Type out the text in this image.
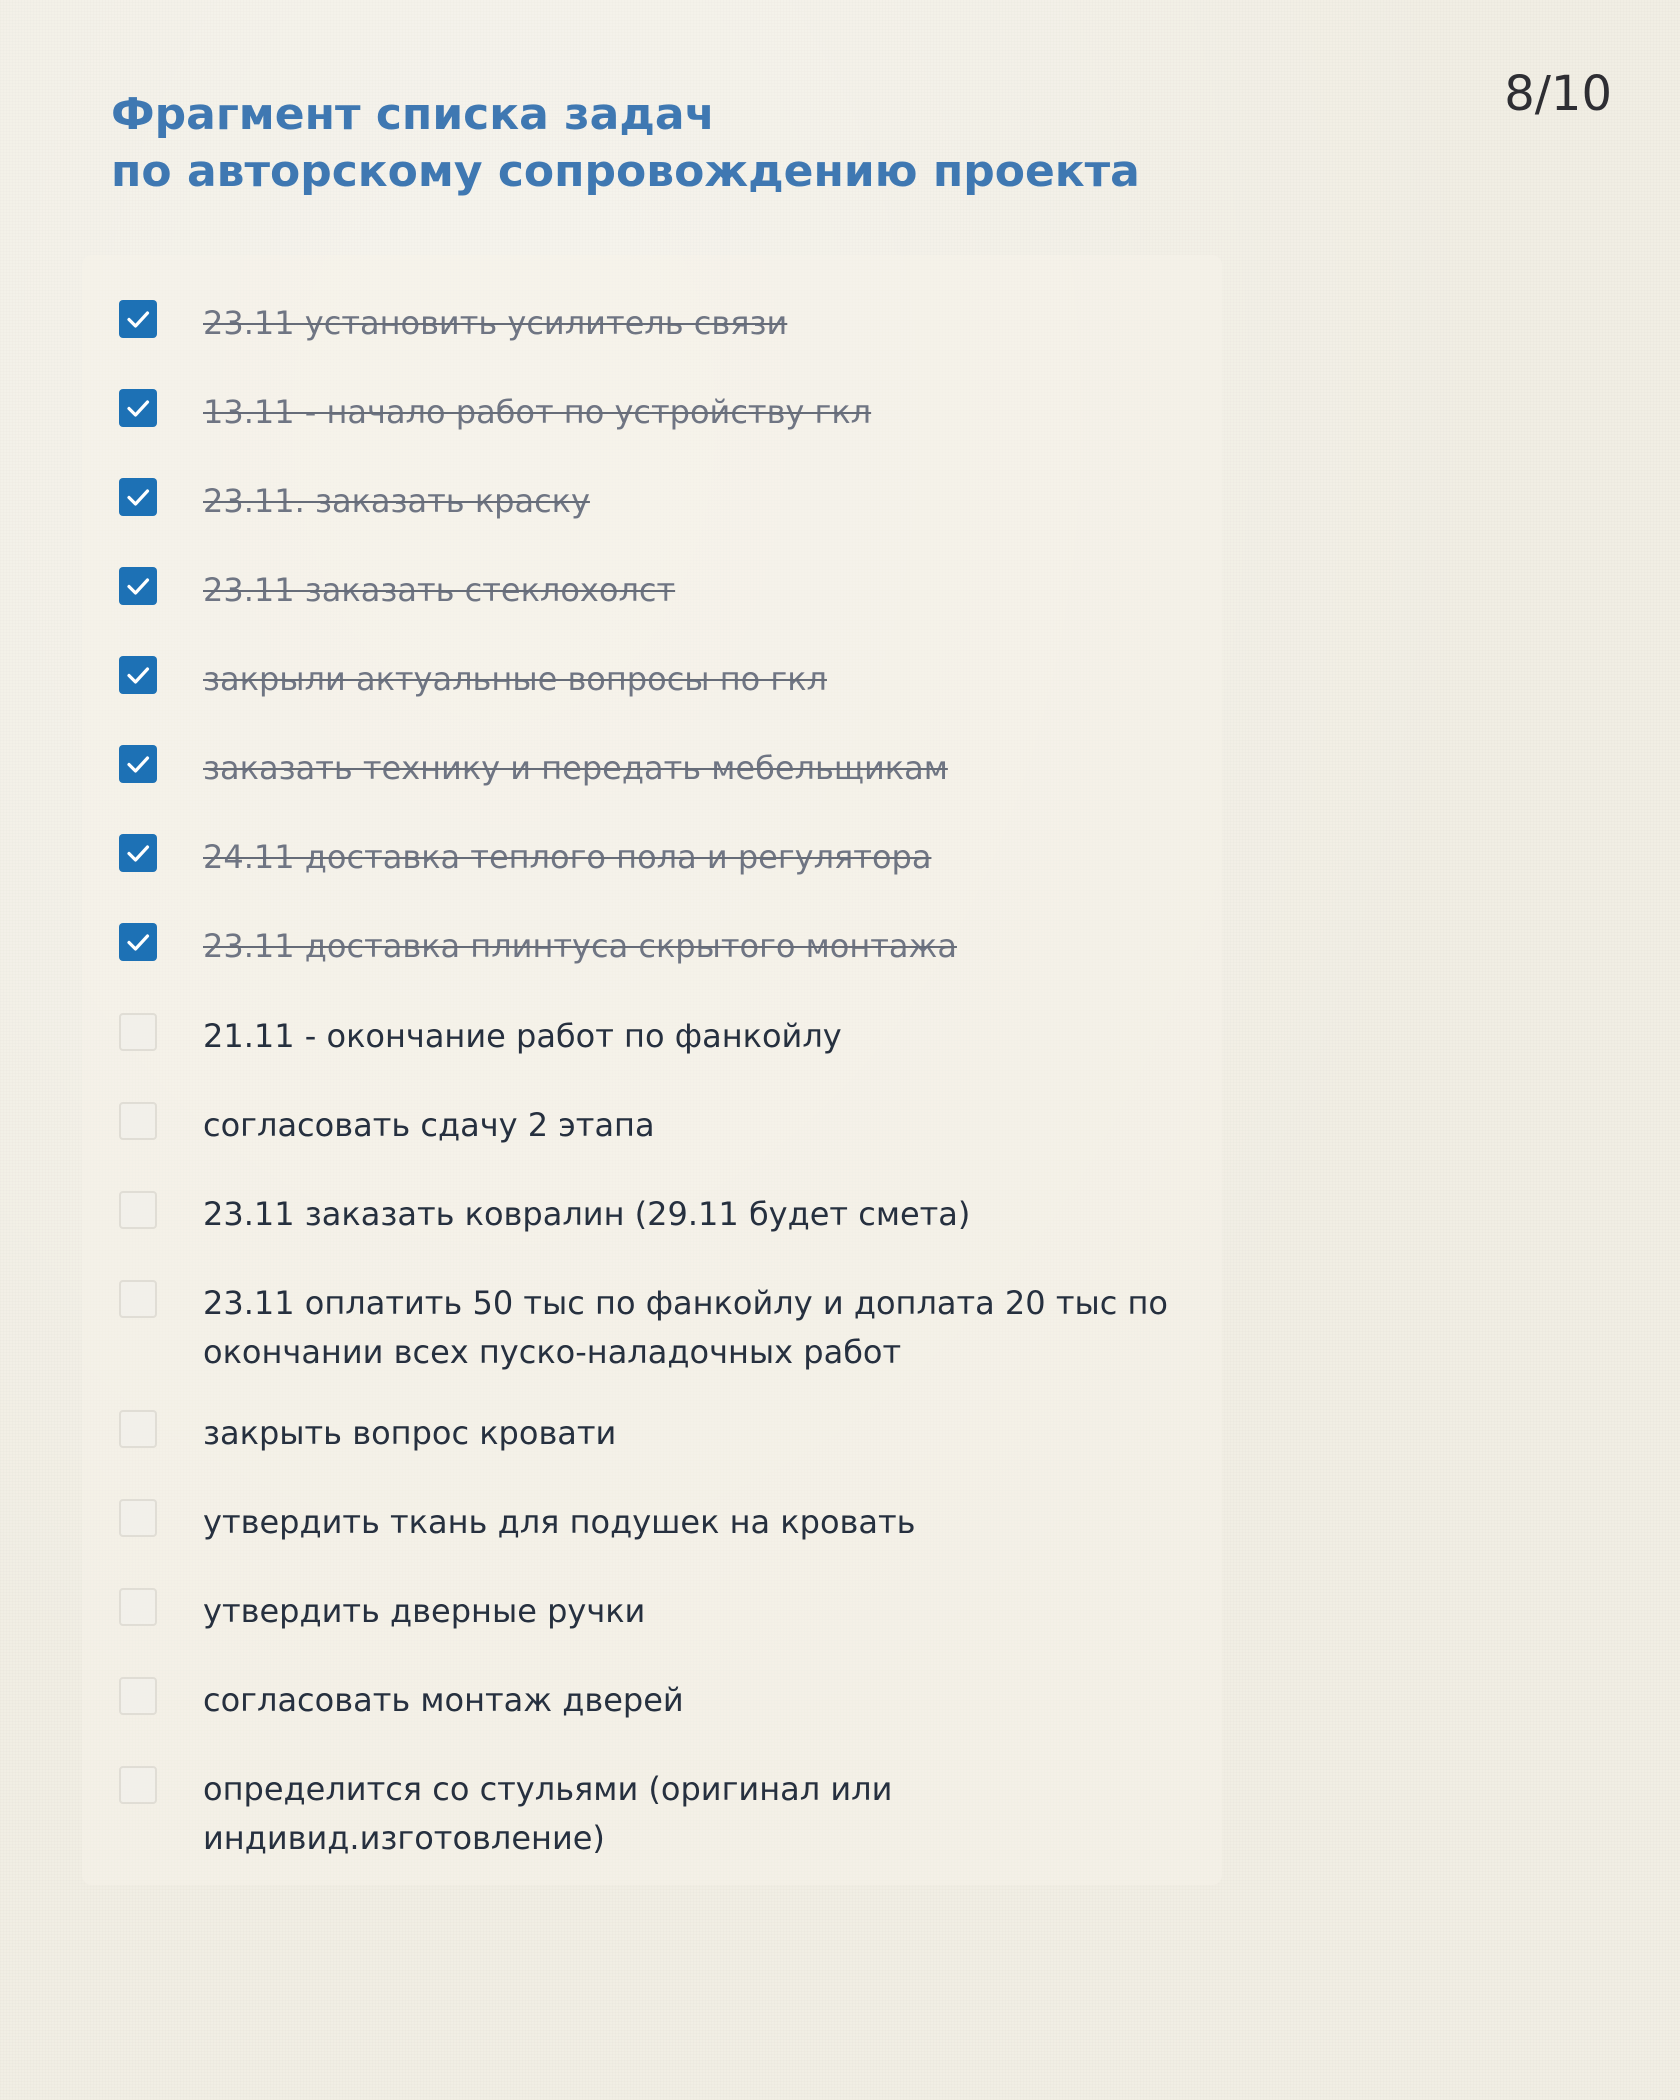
8/10
Фрагмент списка задач
по авторскому сопровождению проекта
23.11 установить усилитель связи
13.11 - начало работ по устройству гкл
23.11. заказать краску
23.11 заказать стеклохолст
закрыли актуальные вопросы по гкл
заказать технику и передать мебельщикам
24.11 доставка теплого пола и регулятора
23.11 доставка плинтуса скрытого монтажа
21.11 - окончание работ по фанкойлу
согласовать сдачу 2 этапа
23.11 заказать ковралин (29.11 будет смета)
23.11 оплатить 50 тыс по фанкойлу и доплата 20 тыс по
окончании всех пуско-наладочных работ
закрыть вопрос кровати
утвердить ткань для подушек на кровать
утвердить дверные ручки
согласовать монтаж дверей
определится со стульями (оригинал или
индивид.изготовление)
